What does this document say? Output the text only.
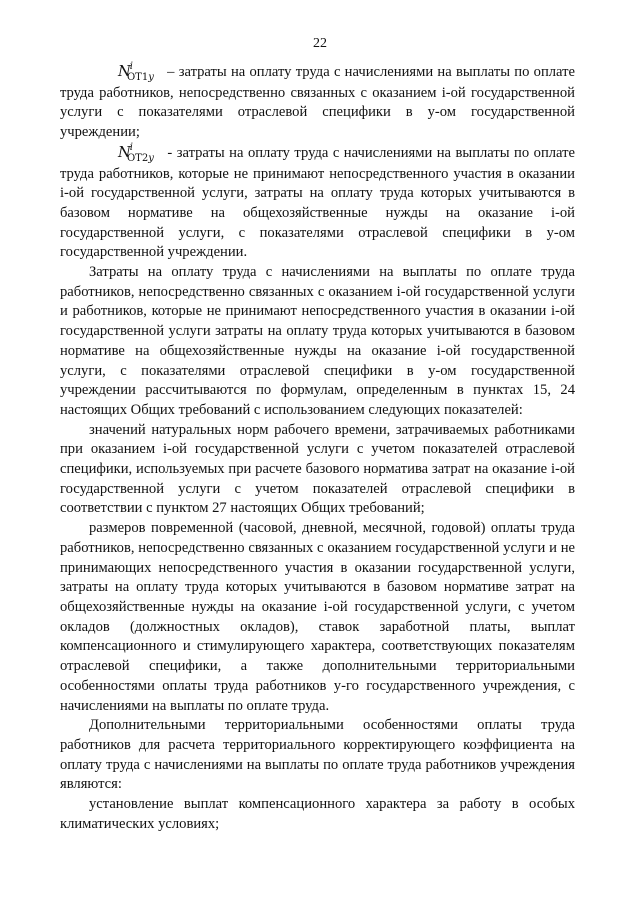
22

$N^i_{ОТ1y}$ – затраты на оплату труда с начислениями на выплаты по оплате труда работников, непосредственно связанных с оказанием i-ой государственной услуги с показателями отраслевой специфики в y-ом государственной учреждении;

$N^i_{ОТ2y}$ - затраты на оплату труда с начислениями на выплаты по оплате труда работников, которые не принимают непосредственного участия в оказании i-ой государственной услуги, затраты на оплату труда которых учитываются в базовом нормативе на общехозяйственные нужды на оказание i-ой государственной услуги, с показателями отраслевой специфики в y-ом государственной учреждении.

Затраты на оплату труда с начислениями на выплаты по оплате труда работников, непосредственно связанных с оказанием i-ой государственной услуги и работников, которые не принимают непосредственного участия в оказании i-ой государственной услуги затраты на оплату труда которых учитываются в базовом нормативе на общехозяйственные нужды на оказание i-ой государственной услуги, с показателями отраслевой специфики в y-ом государственной учреждении рассчитываются по формулам, определенным в пунктах 15, 24 настоящих Общих требований с использованием следующих показателей:

значений натуральных норм рабочего времени, затрачиваемых работниками при оказанием i-ой государственной услуги с учетом показателей отраслевой специфики, используемых при расчете базового норматива затрат на оказание i-ой государственной услуги с учетом показателей отраслевой специфики в соответствии с пунктом 27 настоящих Общих требований;

размеров повременной (часовой, дневной, месячной, годовой) оплаты труда работников, непосредственно связанных с оказанием государственной услуги и не принимающих непосредственного участия в оказании государственной услуги, затраты на оплату труда которых учитываются в базовом нормативе затрат на общехозяйственные нужды на оказание i-ой государственной услуги, с учетом окладов (должностных окладов), ставок заработной платы, выплат компенсационного и стимулирующего характера, соответствующих показателям отраслевой специфики, а также дополнительными территориальными особенностями оплаты труда работников y-го государственного учреждения, с начислениями на выплаты по оплате труда.

Дополнительными территориальными особенностями оплаты труда работников для расчета территориального корректирующего коэффициента на оплату труда с начислениями на выплаты по оплате труда работников учреждения являются:

установление выплат компенсационного характера за работу в особых климатических условиях;
